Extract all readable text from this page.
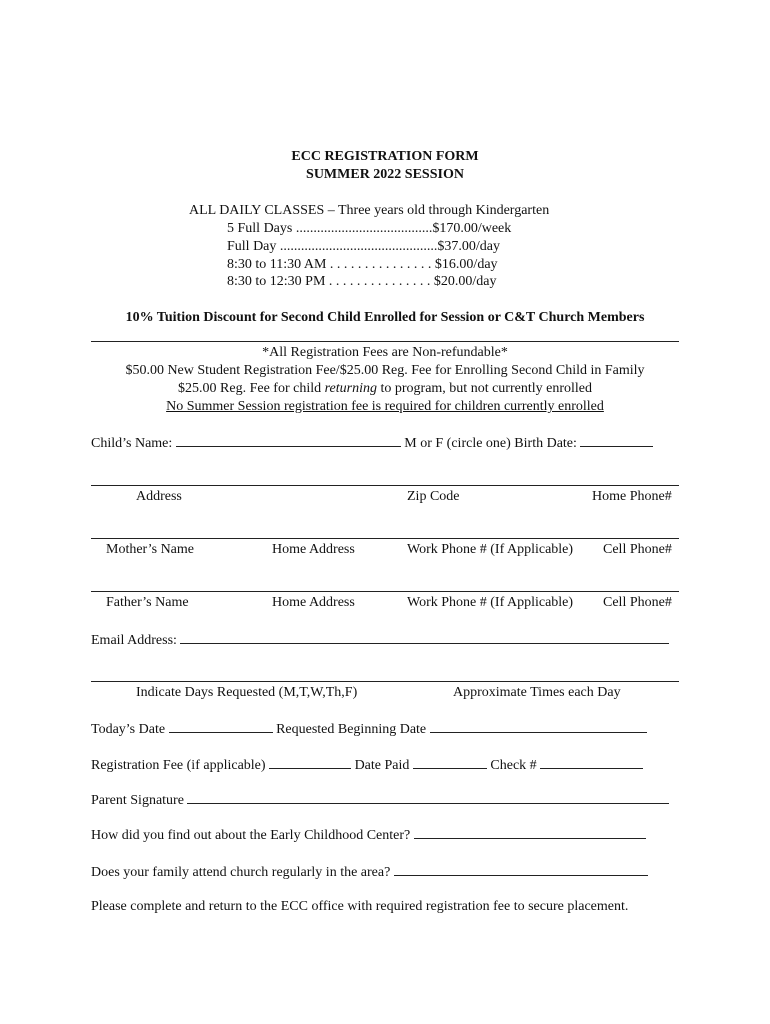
ECC REGISTRATION FORM
SUMMER 2022 SESSION
ALL DAILY CLASSES – Three years old through Kindergarten
5 Full Days .......................................$170.00/week
Full Day .............................................$37.00/day
8:30 to 11:30 AM . . . . . . . . . . . . . . . $16.00/day
8:30 to 12:30 PM . . . . . . . . . . . . . . . $20.00/day
10% Tuition Discount for Second Child Enrolled for Session or C&T Church Members
*All Registration Fees are Non-refundable*
$50.00 New Student Registration Fee/$25.00 Reg. Fee for Enrolling Second Child in Family
$25.00 Reg. Fee for child returning to program, but not currently enrolled
No Summer Session registration fee is required for children currently enrolled
Child’s Name:	M or F (circle one) Birth Date:
Address	Zip Code	Home Phone#
Mother’s Name	Home Address	Work Phone # (If Applicable) Cell Phone#
Father’s Name	Home Address	Work Phone # (If Applicable) Cell Phone#
Email Address:
Indicate Days Requested (M,T,W,Th,F)	Approximate Times each Day
Today’s Date	Requested Beginning Date
Registration Fee (if applicable)	Date Paid	Check #
Parent Signature
How did you find out about the Early Childhood Center?
Does your family attend church regularly in the area?
Please complete and return to the ECC office with required registration fee to secure placement.
